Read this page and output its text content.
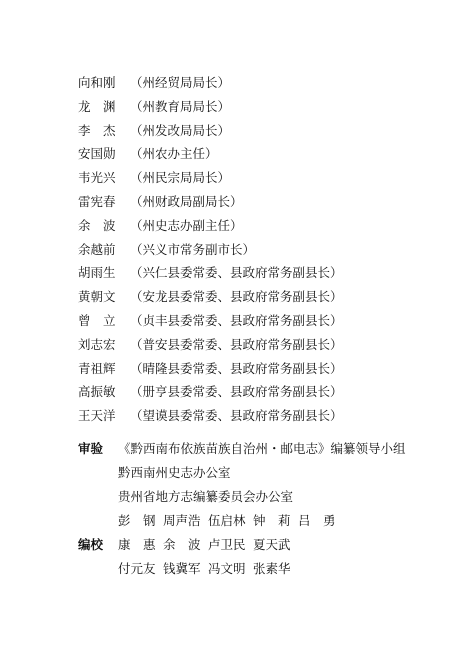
向和刚 （州经贸局局长）
龙　渊 （州教育局局长）
李　杰 （州发改局局长）
安国勋 （州农办主任）
韦光兴 （州民宗局局长）
雷宪春 （州财政局副局长）
余　波 （州史志办副主任）
余越前 （兴义市常务副市长）
胡雨生 （兴仁县委常委、县政府常务副县长）
黄朝文 （安龙县委常委、县政府常务副县长）
曾　立 （贞丰县委常委、县政府常务副县长）
刘志宏 （普安县委常委、县政府常务副县长）
青祖辉 （晴隆县委常委、县政府常务副县长）
高振敏 （册亨县委常委、县政府常务副县长）
王天洋 （望谟县委常委、县政府常务副县长）
审验 《黔西南布依族苗族自治州・邮电志》编纂领导小组
黔西南州史志办公室
贵州省地方志编纂委员会办公室
彭　钢 周声浩 伍启林 钟　莉 吕　勇
编校 康　惠 余　波 卢卫民 夏天武
付元友 钱冀军 冯文明 张素华
